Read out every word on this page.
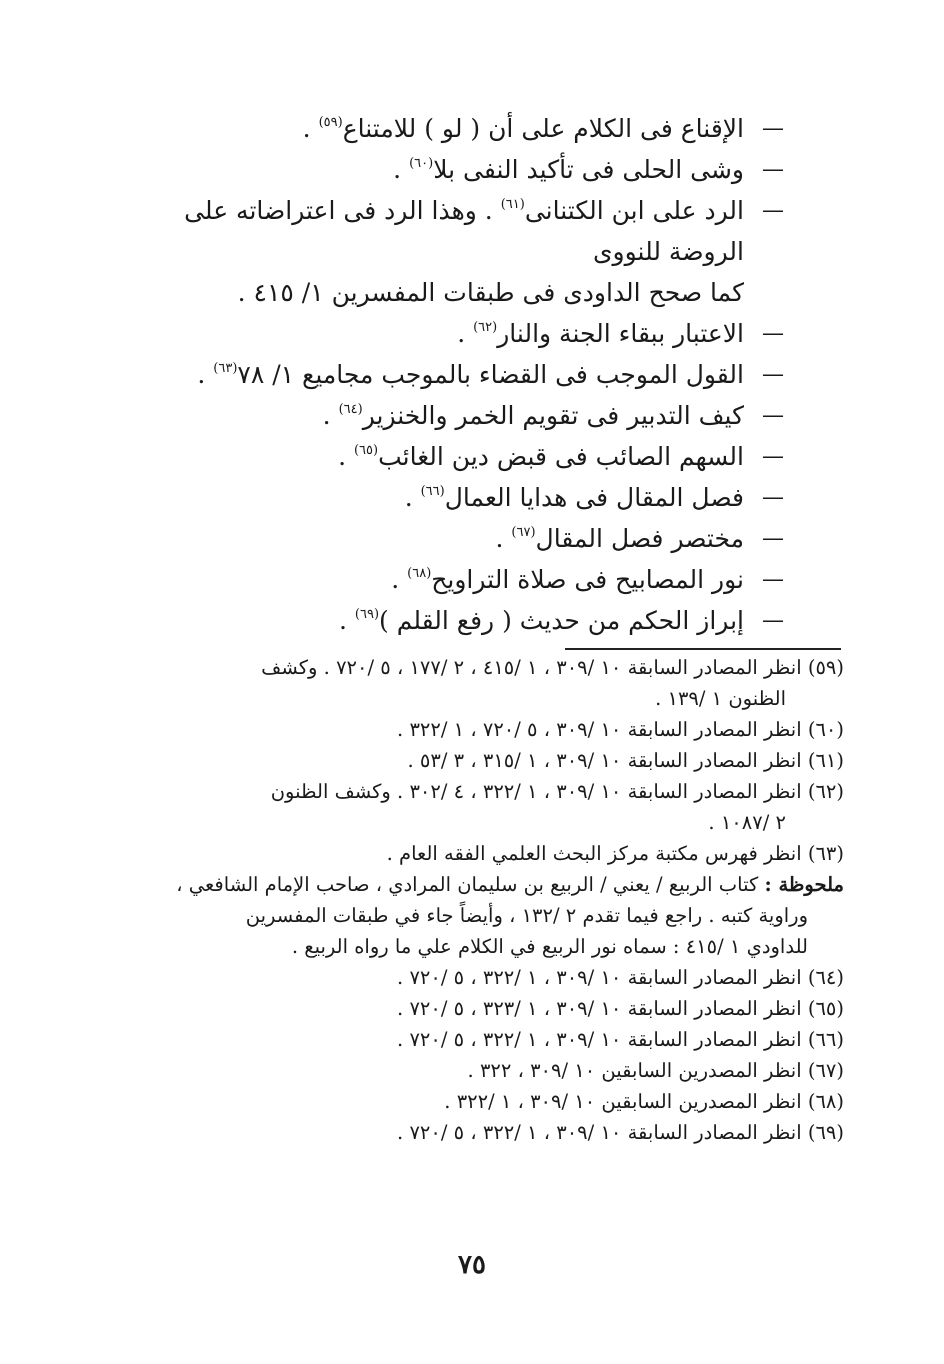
—
الإقناع فى الكلام على أن ( لو ) للامتناع$^{(٥٩)}$ .
—
وشى الحلى فى تأكيد النفى بلا$^{(٦٠)}$ .
—
الرد على ابن الكتنانى$^{(٦١)}$ . وهذا الرد فى اعتراضاته على الروضة للنووى
كما صحح الداودى فى طبقات المفسرين ١/ ٤١٥ .
—
الاعتبار ببقاء الجنة والنار$^{(٦٢)}$ .
—
القول الموجب فى القضاء بالموجب مجاميع ١/ ٧٨$^{(٦٣)}$ .
—
كيف التدبير فى تقويم الخمر والخنزير$^{(٦٤)}$ .
—
السهم الصائب فى قبض دين الغائب$^{(٦٥)}$ .
—
فصل المقال فى هدايا العمال$^{(٦٦)}$ .
—
مختصر فصل المقال$^{(٦٧)}$ .
—
نور المصابيح فى صلاة التراويح$^{(٦٨)}$ .
—
إبراز الحكم من حديث ( رفع القلم )$^{(٦٩)}$ .
(٥٩) انظر المصادر السابقة ١٠ /٣٠٩ ، ١ /٤١٥ ، ٢ /١٧٧ ، ٥ /٧٢٠ . وكشف
الظنون ١ /١٣٩ .
(٦٠) انظر المصادر السابقة ١٠ /٣٠٩ ، ٥ /٧٢٠ ، ١ /٣٢٢ .
(٦١) انظر المصادر السابقة ١٠ /٣٠٩ ، ١ /٣١٥ ، ٣ /٥٣ .
(٦٢) انظر المصادر السابقة ١٠ /٣٠٩ ، ١ /٣٢٢ ، ٤ /٣٠٢ . وكشف الظنون
٢ /١٠٨٧ .
(٦٣) انظر فهرس مكتبة مركز البحث العلمي الفقه العام .
ملحوظة : كتاب الربيع / يعني / الربيع بن سليمان المرادي ، صاحب الإمام الشافعي ،
وراوية كتبه . راجع فيما تقدم ٢ /١٣٢ ، وأيضاً جاء في طبقات المفسرين
للداودي ١ /٤١٥ : سماه نور الربيع في الكلام علي ما رواه الربيع .
(٦٤) انظر المصادر السابقة ١٠ /٣٠٩ ، ١ /٣٢٢ ، ٥ /٧٢٠ .
(٦٥) انظر المصادر السابقة ١٠ /٣٠٩ ، ١ /٣٢٣ ، ٥ /٧٢٠ .
(٦٦) انظر المصادر السابقة ١٠ /٣٠٩ ، ١ /٣٢٢ ، ٥ /٧٢٠ .
(٦٧) انظر المصدرين السابقين ١٠ /٣٠٩ ، ٣٢٢ .
(٦٨) انظر المصدرين السابقين ١٠ /٣٠٩ ، ١ /٣٢٢ .
(٦٩) انظر المصادر السابقة ١٠ /٣٠٩ ، ١ /٣٢٢ ، ٥ /٧٢٠ .
٧٥
